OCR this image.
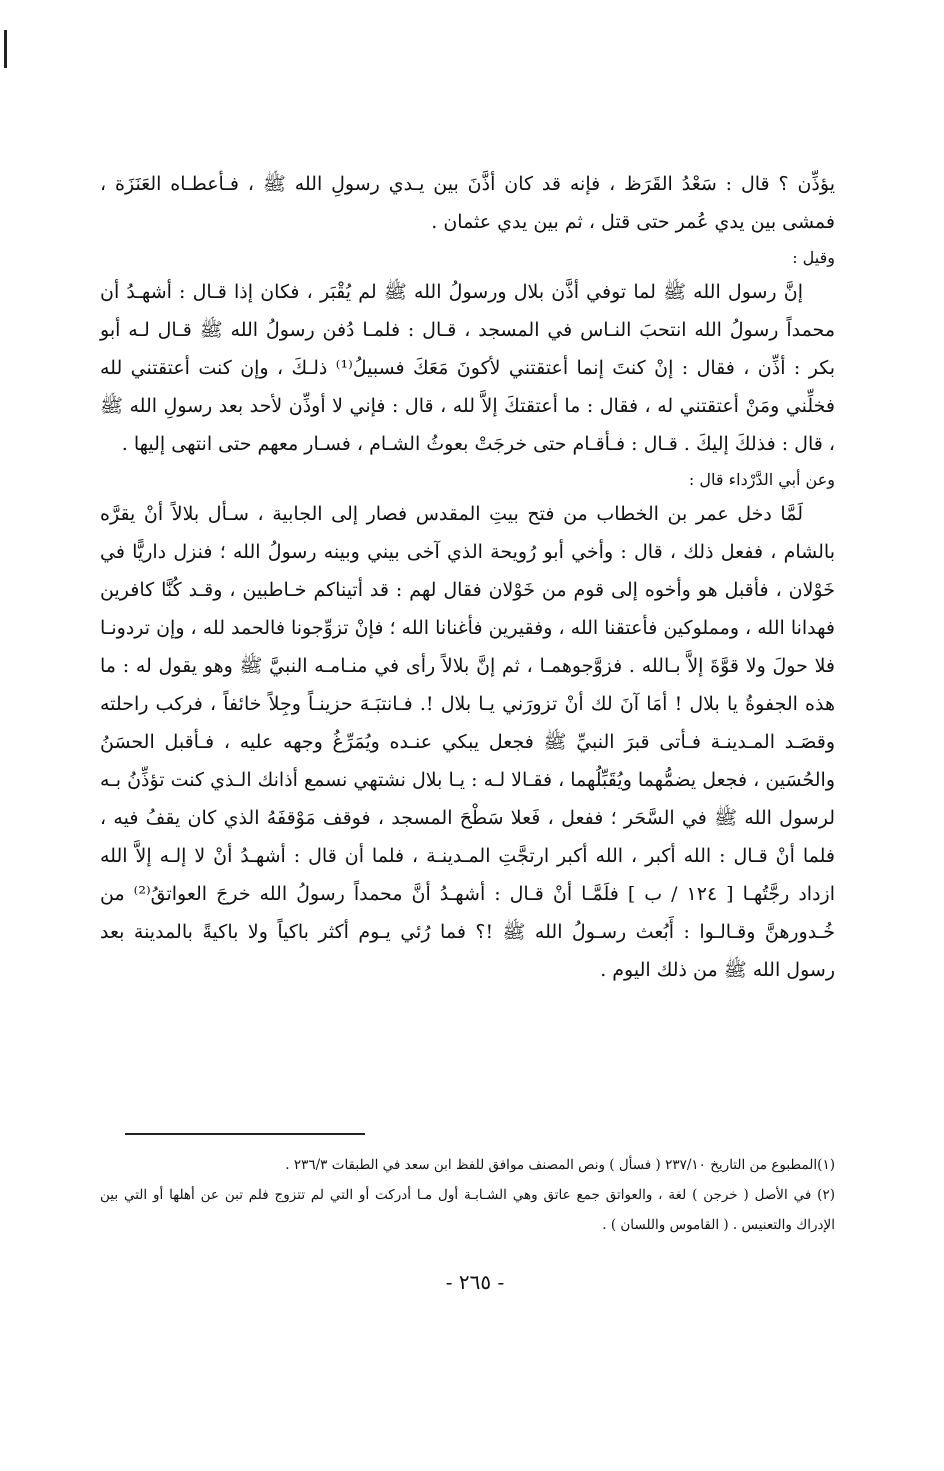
يؤذِّن ؟ قال : سَعْدُ القَرَظ ، فإنه قد كان أذَّنَ بين يـدي رسولِ الله ﷺ ، فـأعطـاه العَنَزَة ، فمشى بين يدي عُمر حتى قتل ، ثم بين يدي عثمان .

وقيل :

إنَّ رسول الله ﷺ لما توفي أذَّن بلال ورسولُ الله ﷺ لم يُقْبَر ، فكان إذا قـال : أشهـدُ أن محمداً رسولُ الله انتحبَ النـاس في المسجد ، قـال : فلمـا دُفن رسولُ الله ﷺ قـال لـه أبو بكر : أذِّن ، فقال : إنْ كنتَ إنما أعتقتني لأكونَ مَعَكَ فسبيلُ⁽¹⁾ ذلـكَ ، وإن كنت أعتقتني لله فخلِّني ومَنْ أعتقتني له ، فقال : ما أعتقتكَ إلاَّ لله ، قال : فإني لا أوذِّن لأحد بعد رسولِ الله ﷺ ، قال : فذلكَ إليكَ . قـال : فـأقـام حتى خرجَتْ بعوثُ الشـام ، فسـار معهم حتى انتهى إليها .

وعن أبي الدَّرْداء قال :

لَمَّا دخل عمر بن الخطاب من فتح بيتِ المقدس فصار إلى الجابية ، سـأل بلالاً أنْ يقرَّه بالشام ، ففعل ذلك ، قال : وأخي أبو رُويحة الذي آخى بيني وبينه رسولُ الله ؛ فنزل داريًّا في خَوْلان ، فأقبل هو وأخوه إلى قوم من خَوْلان فقال لهم : قد أتيناكم خـاطبين ، وقـد كُنَّا كافرين فهدانا الله ، ومملوكين فأعتقنا الله ، وفقيرين فأغنانا الله ؛ فإنْ تزوِّجونا فالحمد لله ، وإن تردونـا فلا حولَ ولا قوَّةَ إلاَّ بـالله . فزوَّجوهمـا ، ثم إنَّ بلالاً رأى في منـامـه النبيَّ ﷺ وهو يقول له : ما هذه الجفوةُ يا بلال ! أمَا آنَ لك أنْ تزورَني يـا بلال !. فـانتبَـهَ حزينـاً وجِلاً خائفاً ، فركب راحلته وقصَـد المـدينـة فـأتى قبرَ النبيِّ ﷺ فجعل يبكي عنـده ويُمَرِّغُ وجهه عليه ، فـأقبل الحسَنُ والحُسَين ، فجعل يضمُّهما ويُقَبِّلُهما ، فقـالا لـه : يـا بلال نشتهي نسمع أذانك الـذي كنت تؤذِّنُ بـه لرسول الله ﷺ في السَّحَر ؛ ففعل ، فَعلا سَطْحَ المسجد ، فوقف مَوْقفَهُ الذي كان يقفُ فيه ، فلما أنْ قـال : الله أكبر ، الله أكبر ارتجَّتِ المـدينـة ، فلما أن قال : أشهـدُ أنْ لا إلـه إلاَّ الله ازداد رجَّتُهـا [ ١٢٤ / ب ] فلَمَّـا أنْ قـال : أشهـدُ أنَّ محمداً رسولُ الله خرجَ العواتقُ⁽²⁾ من خُـدورهنَّ وقـالـوا : أَبُعث رسـولُ الله ﷺ !؟ فما رُئي يـوم أكثر باكياً ولا باكيةً بالمدينة بعد رسول الله ﷺ من ذلك اليوم .

(١)المطبوع من التاريخ ٢٣٧/١٠ ( فسأل ) ونص المصنف موافق للفظ ابن سعد في الطبقات ٢٣٦/٣ .

(٢) في الأصل ( خرجن ) لغة ، والعواتق جمع عاتق وهي الشـابـة أول مـا أدركت أو التي لم تتزوج فلم تبن عن أهلها أو التي بين الإدراك والتعنيس . ( القاموس واللسان ) .

- ٢٦٥ -
